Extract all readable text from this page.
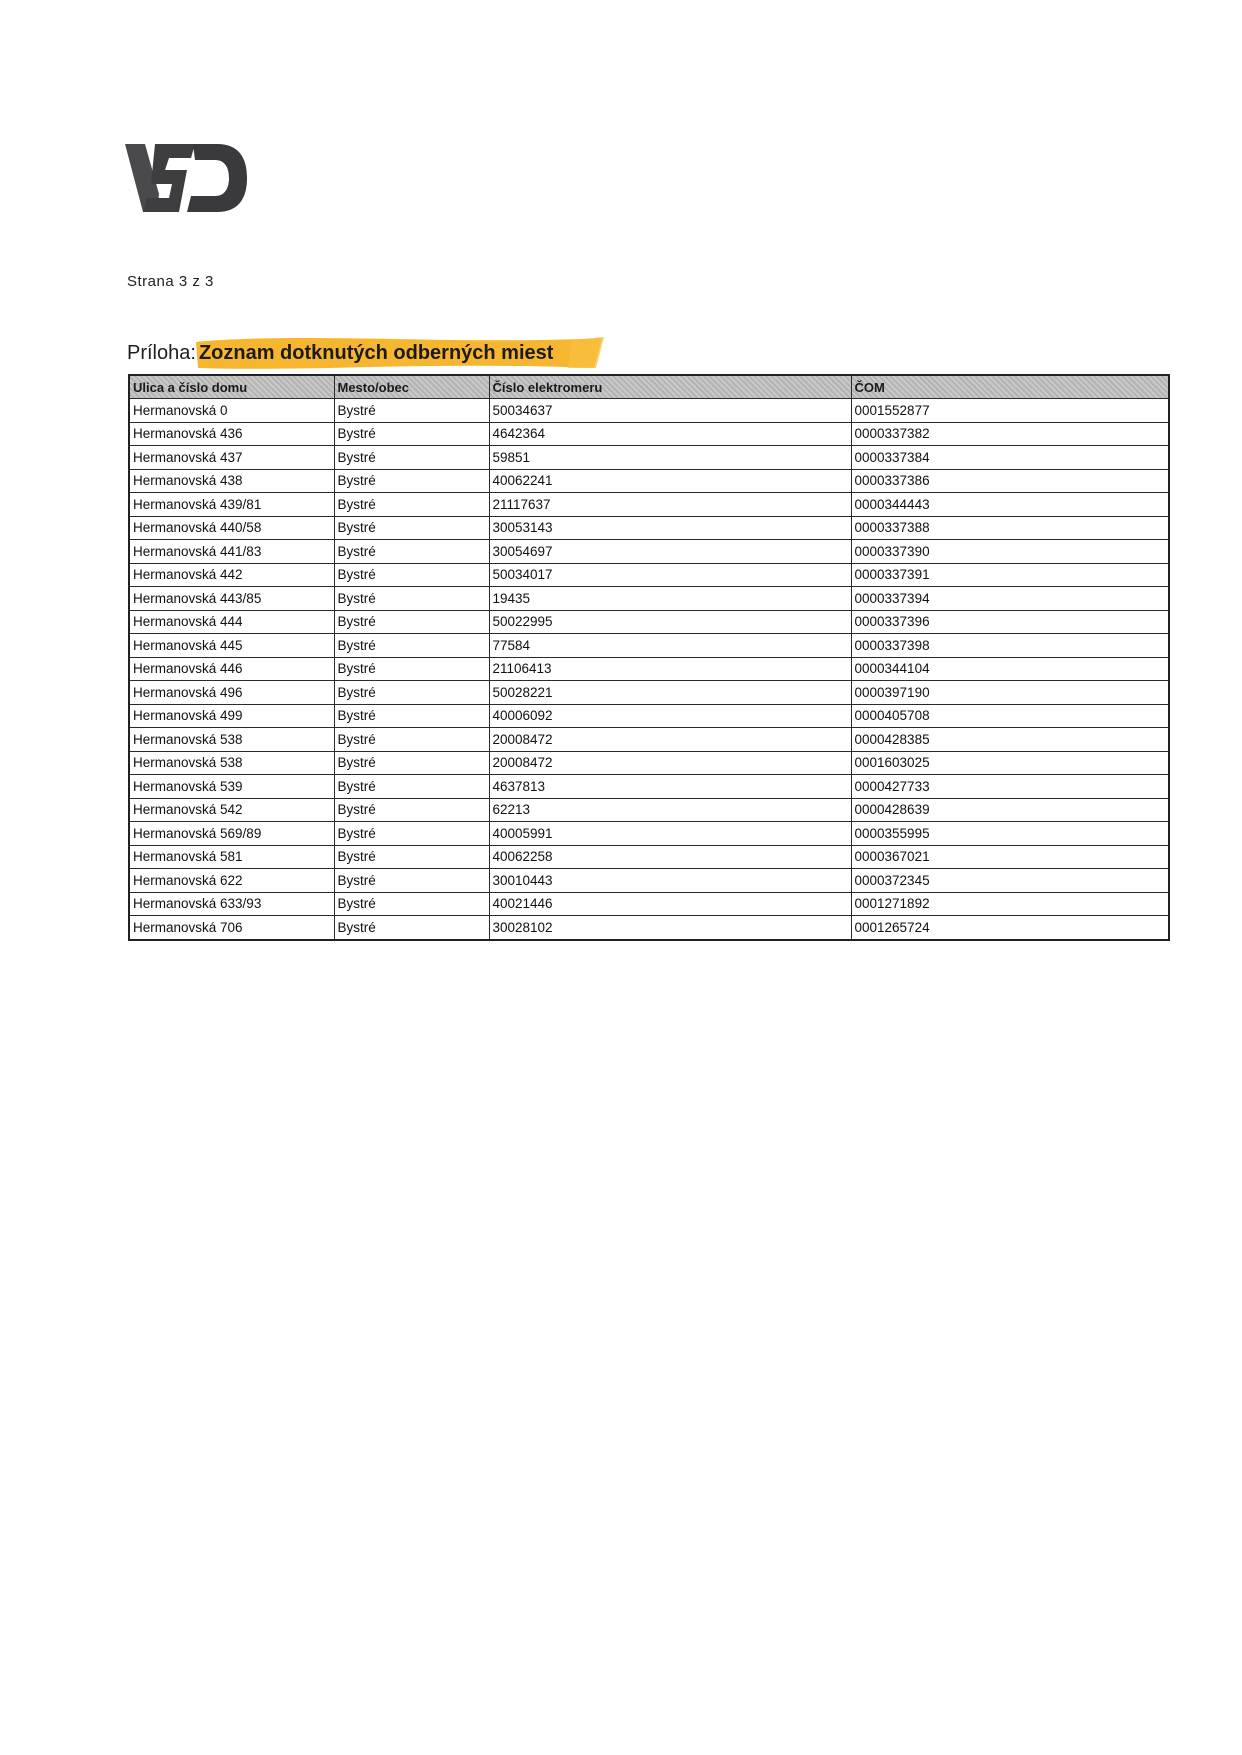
Strana 3 z 3
Príloha: Zoznam dotknutých odberných miest
Ulica a číslo domu	Mesto/obec	Číslo elektromeru	ČOM
Hermanovská 0	Bystré	50034637	0001552877
Hermanovská 436	Bystré	4642364	0000337382
Hermanovská 437	Bystré	59851	0000337384
Hermanovská 438	Bystré	40062241	0000337386
Hermanovská 439/81	Bystré	21117637	0000344443
Hermanovská 440/58	Bystré	30053143	0000337388
Hermanovská 441/83	Bystré	30054697	0000337390
Hermanovská 442	Bystré	50034017	0000337391
Hermanovská 443/85	Bystré	19435	0000337394
Hermanovská 444	Bystré	50022995	0000337396
Hermanovská 445	Bystré	77584	0000337398
Hermanovská 446	Bystré	21106413	0000344104
Hermanovská 496	Bystré	50028221	0000397190
Hermanovská 499	Bystré	40006092	0000405708
Hermanovská 538	Bystré	20008472	0000428385
Hermanovská 538	Bystré	20008472	0001603025
Hermanovská 539	Bystré	4637813	0000427733
Hermanovská 542	Bystré	62213	0000428639
Hermanovská 569/89	Bystré	40005991	0000355995
Hermanovská 581	Bystré	40062258	0000367021
Hermanovská 622	Bystré	30010443	0000372345
Hermanovská 633/93	Bystré	40021446	0001271892
Hermanovská 706	Bystré	30028102	0001265724
